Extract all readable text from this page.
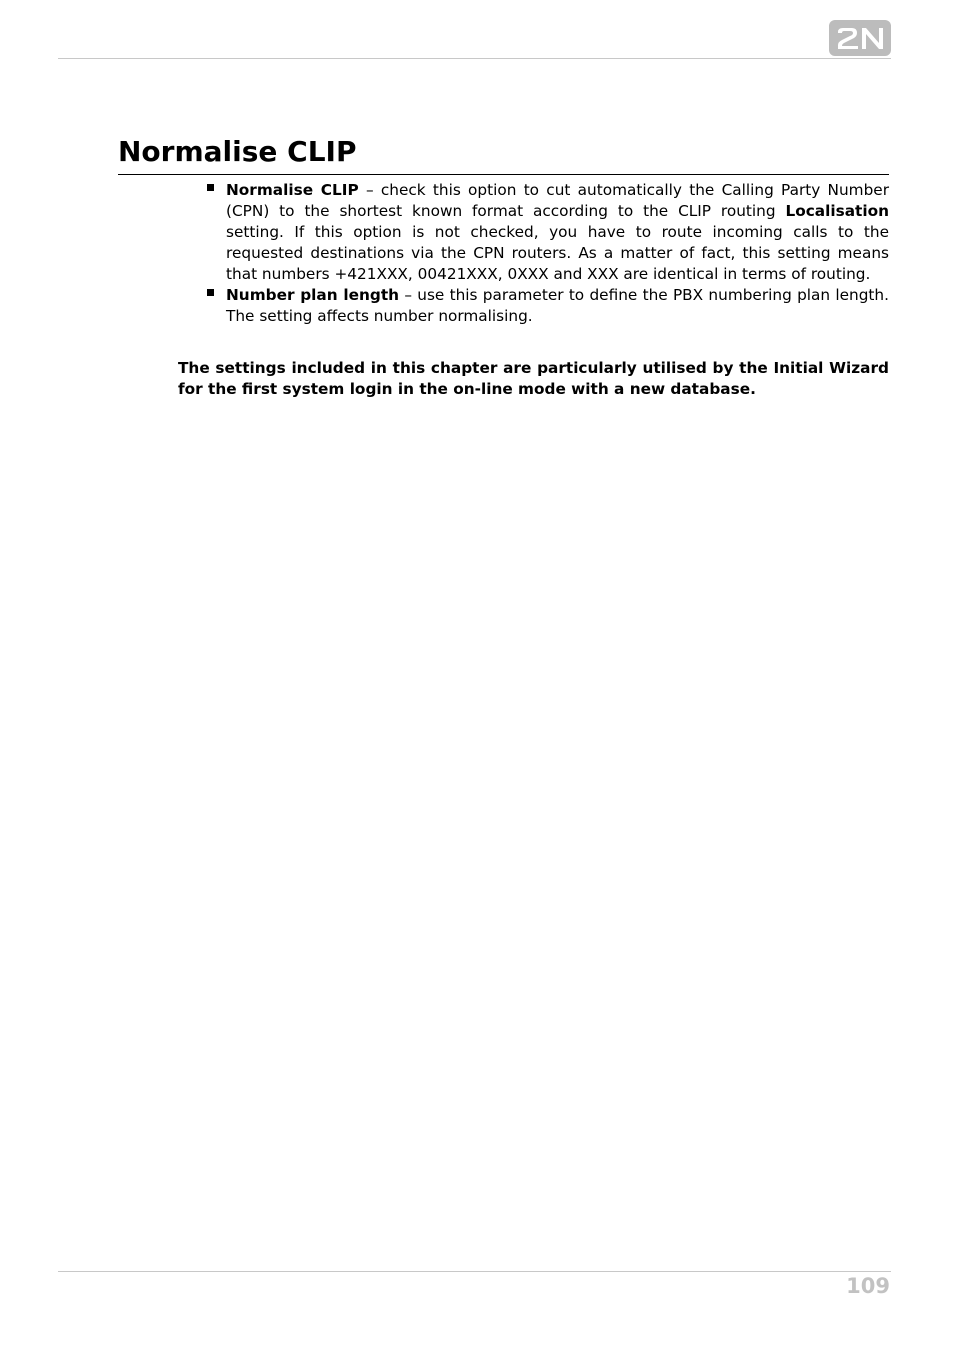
Normalise CLIP
Normalise CLIP – check this option to cut automatically the Calling Party Number (CPN) to the shortest known format according to the CLIP routing Localisation setting. If this option is not checked, you have to route incoming calls to the requested destinations via the CPN routers. As a matter of fact, this setting means that numbers +421XXX, 00421XXX, 0XXX and XXX are identical in terms of routing.
Number plan length – use this parameter to define the PBX numbering plan length. The setting affects number normalising.

The settings included in this chapter are particularly utilised by the Initial Wizard for the first system login in the on-line mode with a new database.

109
